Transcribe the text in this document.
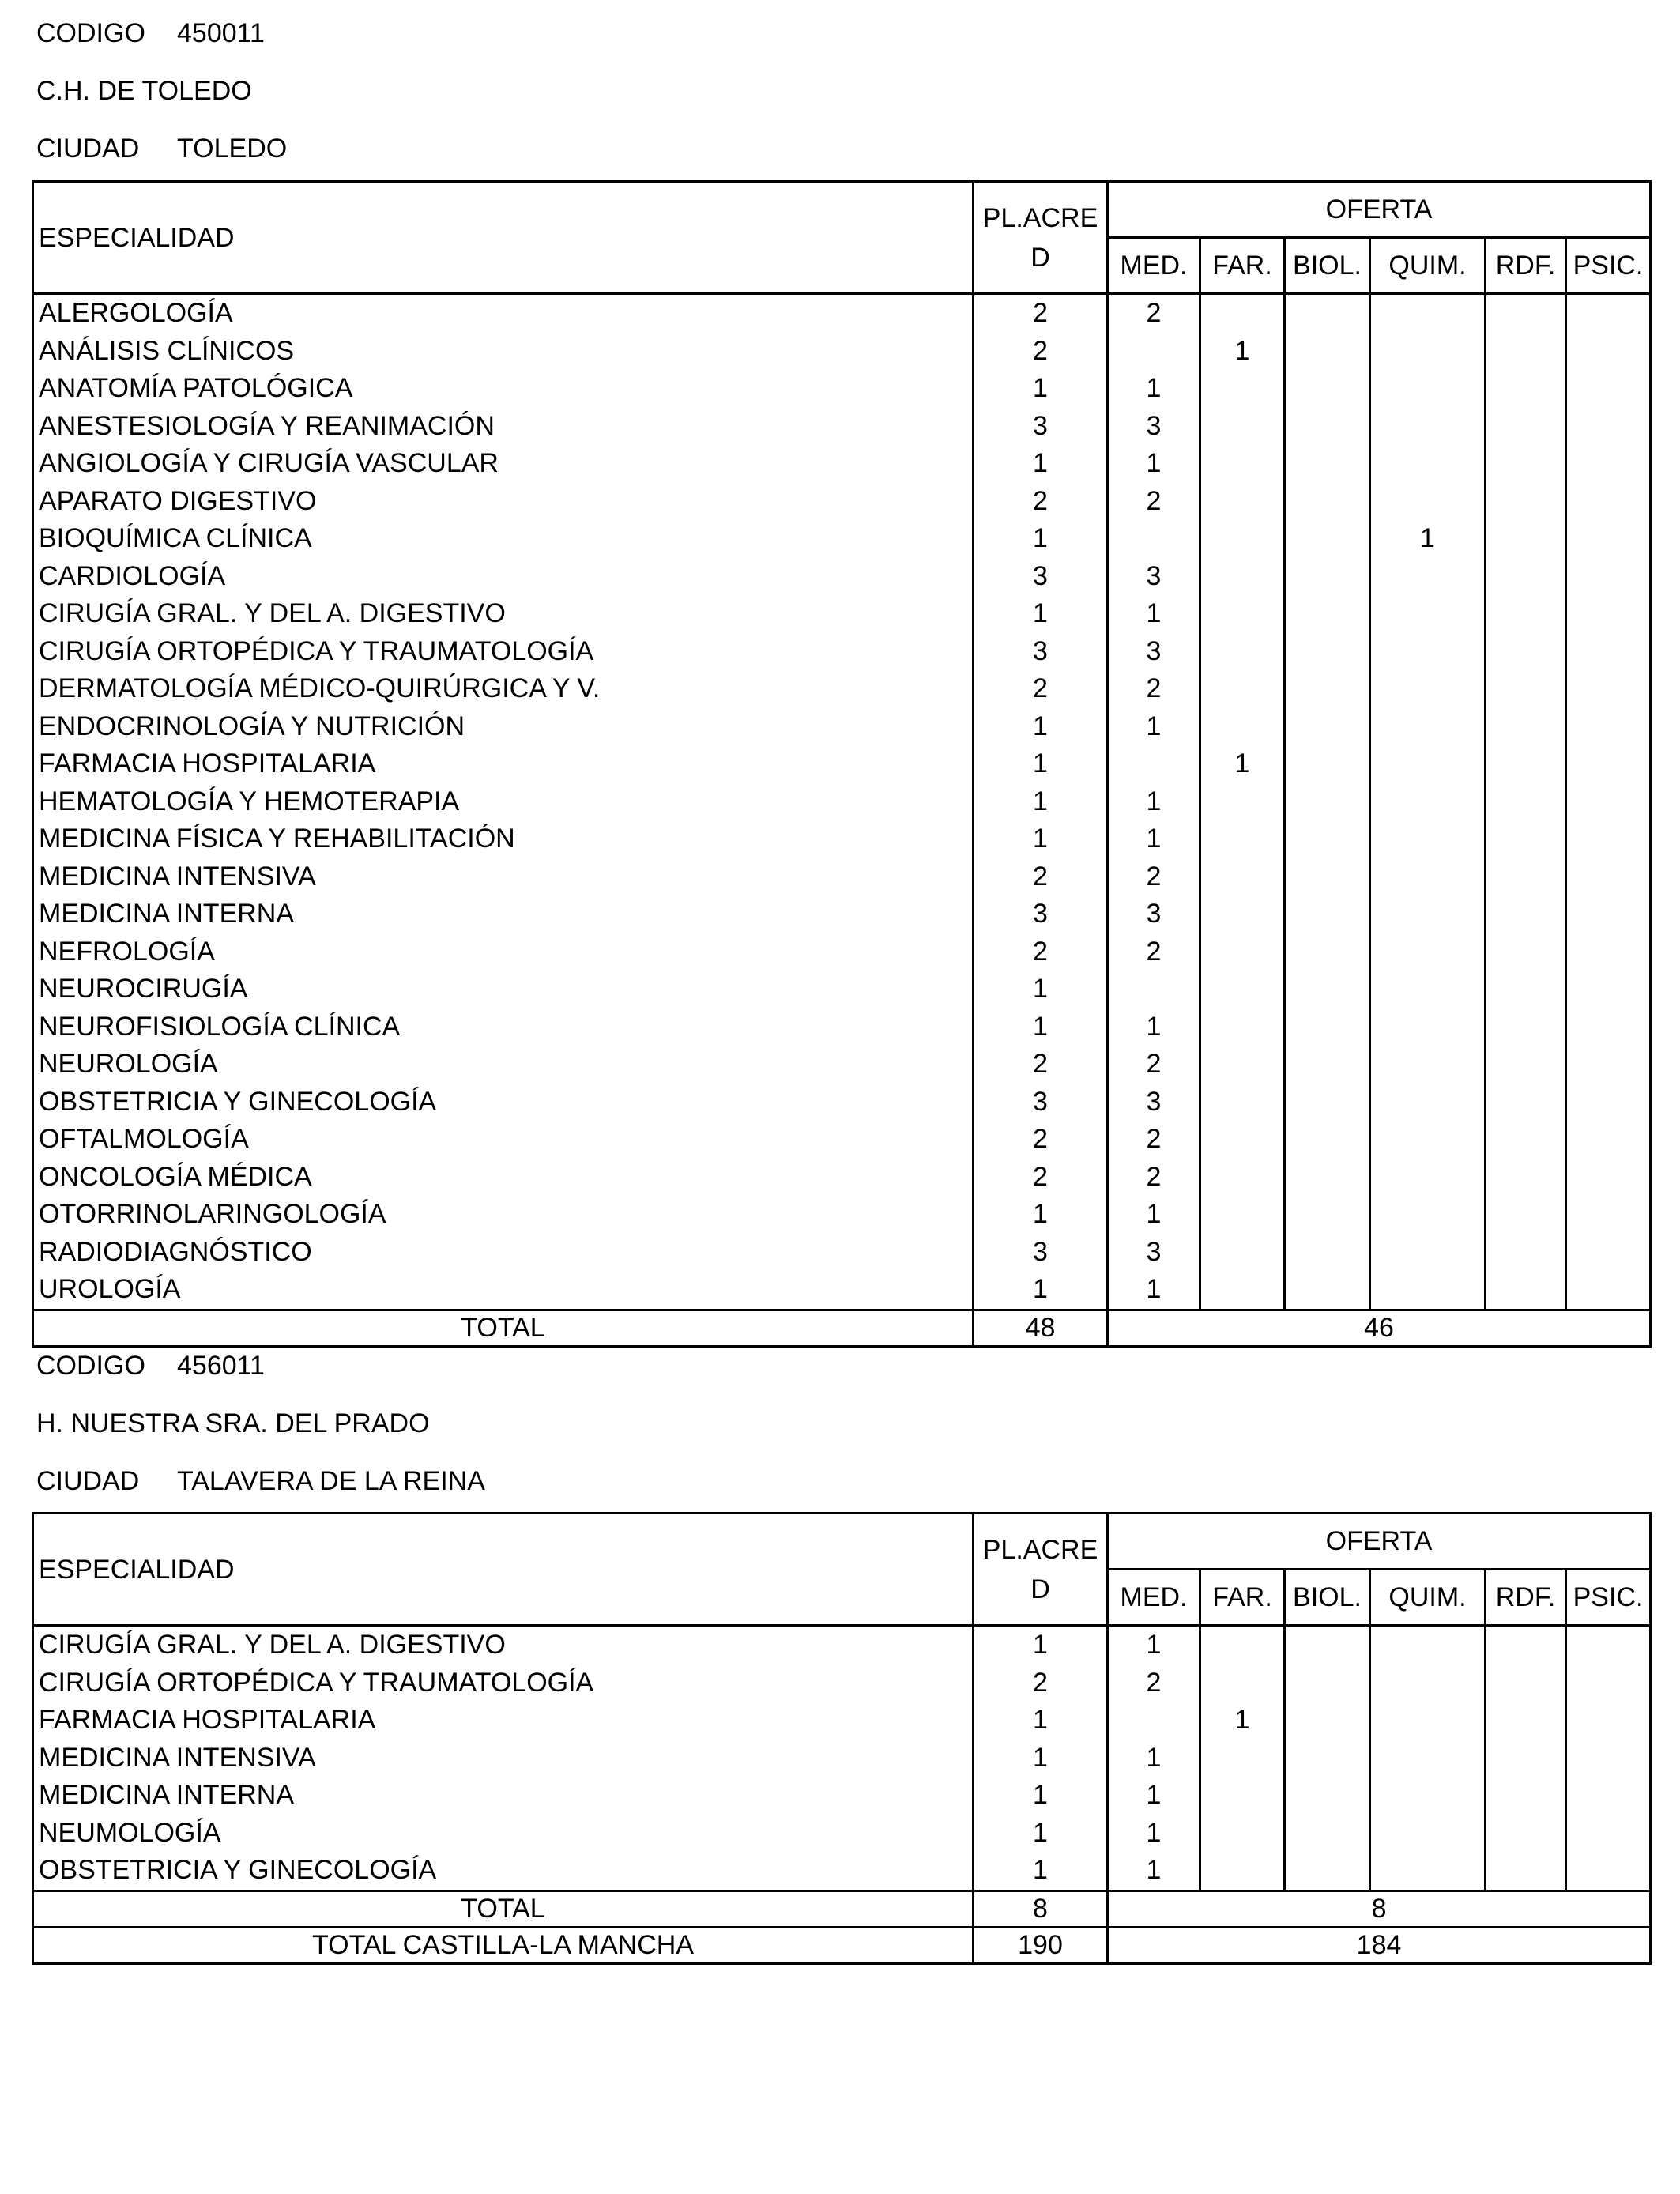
CODIGO 450011
C.H. DE TOLEDO
CIUDAD TOLEDO
ESPECIALIDAD	PL.ACRE
D	OFERTA					
		MED.	FAR.	BIOL.	QUIM.	RDF.	PSIC.
ALERGOLOGÍA	2	2					
ANÁLISIS CLÍNICOS	2		1				
ANATOMÍA PATOLÓGICA	1	1					
ANESTESIOLOGÍA Y REANIMACIÓN	3	3					
ANGIOLOGÍA Y CIRUGÍA VASCULAR	1	1					
APARATO DIGESTIVO	2	2					
BIOQUÍMICA CLÍNICA	1				1		
CARDIOLOGÍA	3	3					
CIRUGÍA GRAL. Y DEL A. DIGESTIVO	1	1					
CIRUGÍA ORTOPÉDICA Y TRAUMATOLOGÍA	3	3					
DERMATOLOGÍA MÉDICO-QUIRÚRGICA Y V.	2	2					
ENDOCRINOLOGÍA Y NUTRICIÓN	1	1					
FARMACIA HOSPITALARIA	1		1				
HEMATOLOGÍA Y HEMOTERAPIA	1	1					
MEDICINA FÍSICA Y REHABILITACIÓN	1	1					
MEDICINA INTENSIVA	2	2					
MEDICINA INTERNA	3	3					
NEFROLOGÍA	2	2					
NEUROCIRUGÍA	1						
NEUROFISIOLOGÍA CLÍNICA	1	1					
NEUROLOGÍA	2	2					
OBSTETRICIA Y GINECOLOGÍA	3	3					
OFTALMOLOGÍA	2	2					
ONCOLOGÍA MÉDICA	2	2					
OTORRINOLARINGOLOGÍA	1	1					
RADIODIAGNÓSTICO	3	3					
UROLOGÍA	1	1					
TOTAL	48	46					
CODIGO 456011
H. NUESTRA SRA. DEL PRADO
CIUDAD TALAVERA DE LA REINA
ESPECIALIDAD	PL.ACRE
D	OFERTA					
		MED.	FAR.	BIOL.	QUIM.	RDF.	PSIC.
CIRUGÍA GRAL. Y DEL A. DIGESTIVO	1	1					
CIRUGÍA ORTOPÉDICA Y TRAUMATOLOGÍA	2	2					
FARMACIA HOSPITALARIA	1		1				
MEDICINA INTENSIVA	1	1					
MEDICINA INTERNA	1	1					
NEUMOLOGÍA	1	1					
OBSTETRICIA Y GINECOLOGÍA	1	1					
TOTAL	8	8					
TOTAL CASTILLA-LA MANCHA	190	184					
